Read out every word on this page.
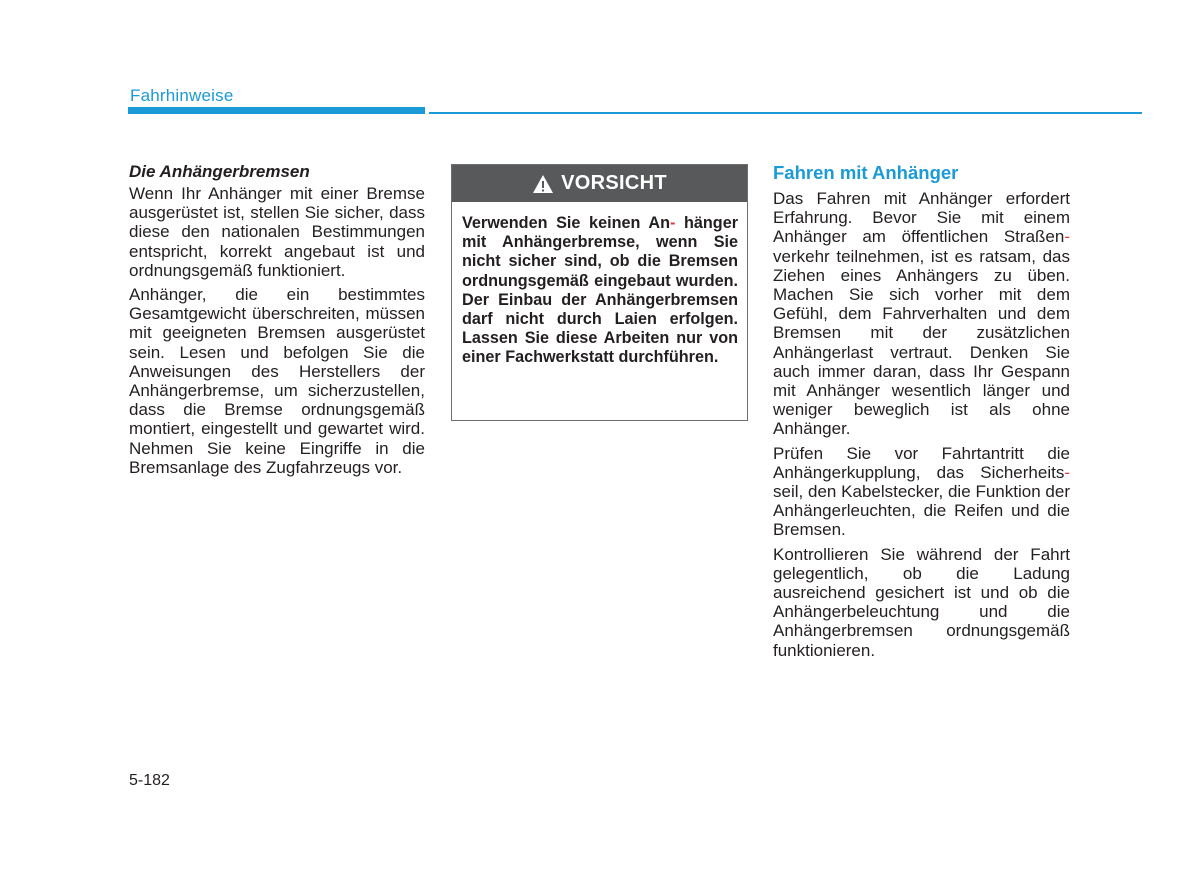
Fahrhinweise
Die Anhängerbremsen

Wenn Ihr Anhänger mit einer Bremse ausgerüstet ist, stellen Sie sicher, dass diese den nationalen Bestimmungen entspricht, korrekt angebaut ist und ordnungsgemäß funktioniert.

Anhänger, die ein bestimmtes Gesamtgewicht überschreiten, müssen mit geeigneten Bremsen ausgerüstet sein. Lesen und befolgen Sie die Anweisungen des Herstellers der Anhängerbremse, um sicherzustellen, dass die Bremse ordnungsgemäß montiert, eingestellt und gewartet wird. Nehmen Sie keine Eingriffe in die Bremsanlage des Zugfahrzeugs vor.

VORSICHT
Verwenden Sie keinen An- hänger mit Anhängerbremse, wenn Sie nicht sicher sind, ob die Bremsen ordnungsgemäß eingebaut wurden. Der Einbau der Anhängerbremsen darf nicht durch Laien erfolgen. Lassen Sie diese Arbeiten nur von einer Fachwerkstatt durchführen.
Fahren mit Anhänger

Das Fahren mit Anhänger erfordert Erfahrung. Bevor Sie mit einem Anhänger am öffentlichen Straßen- verkehr teilnehmen, ist es ratsam, das Ziehen eines Anhängers zu üben. Machen Sie sich vorher mit dem Gefühl, dem Fahrverhalten und dem Bremsen mit der zusätzlichen Anhängerlast vertraut. Denken Sie auch immer daran, dass Ihr Gespann mit Anhänger wesentlich länger und weniger beweglich ist als ohne Anhänger.

Prüfen Sie vor Fahrtantritt die Anhängerkupplung, das Sicherheits- seil, den Kabelstecker, die Funktion der Anhängerleuchten, die Reifen und die Bremsen.

Kontrollieren Sie während der Fahrt gelegentlich, ob die Ladung ausreichend gesichert ist und ob die Anhängerbeleuchtung und die Anhängerbremsen ordnungsgemäß funktionieren.

5-182
